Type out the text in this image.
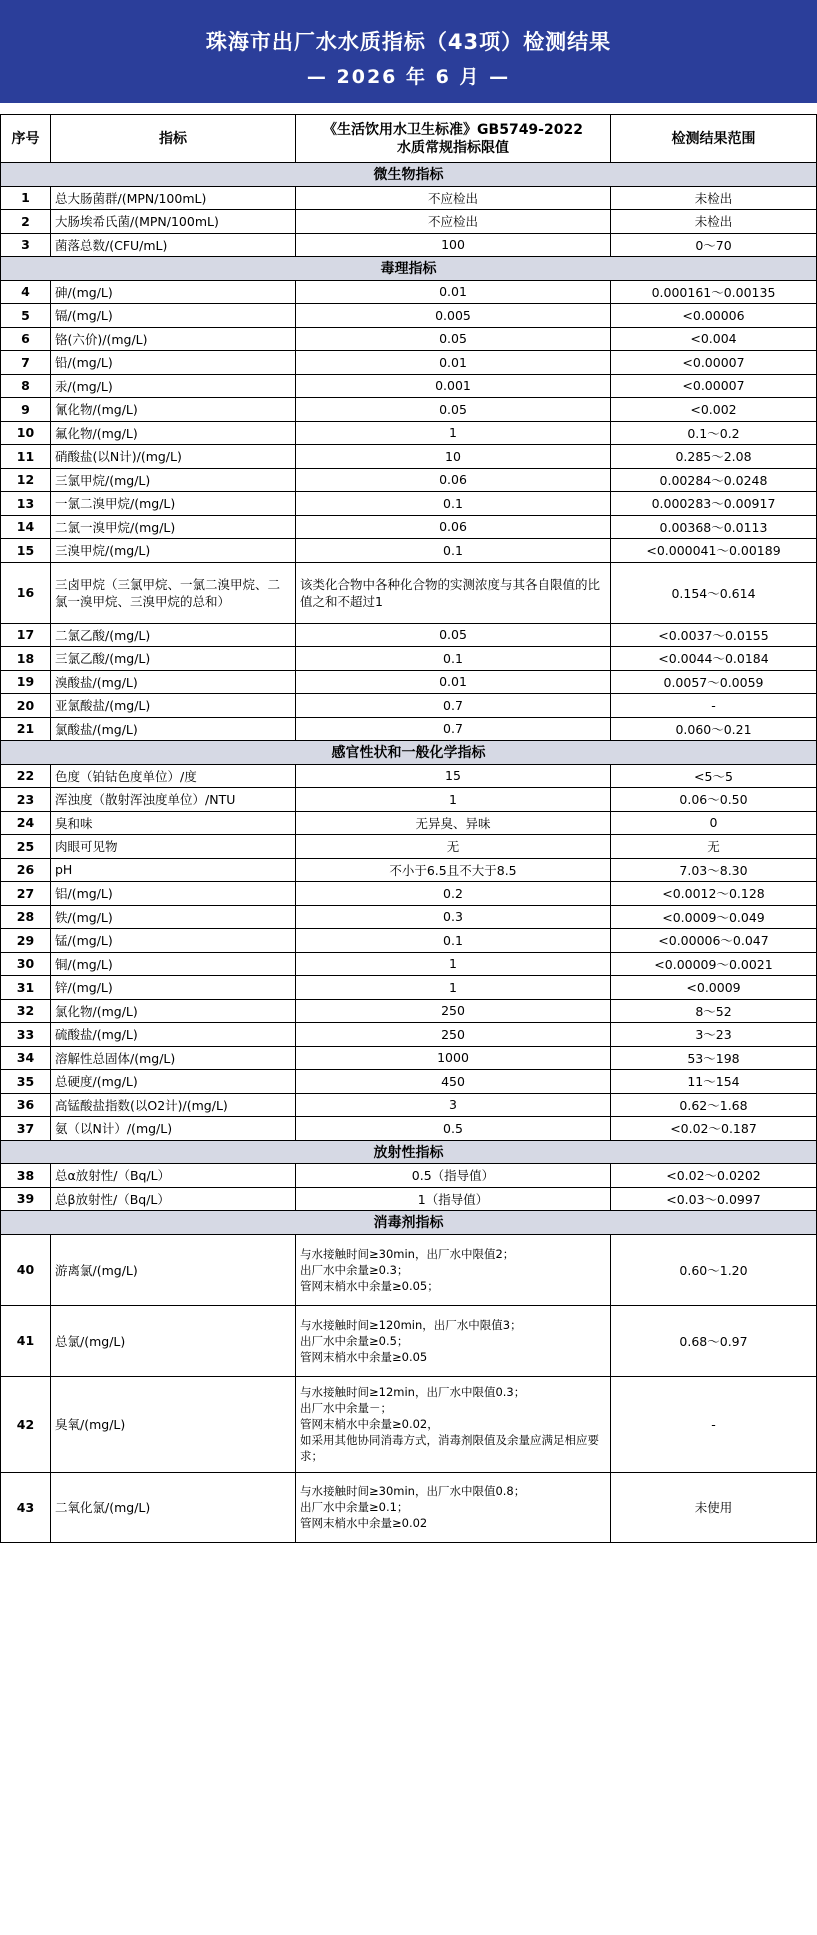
珠海市出厂水水质指标（43项）检测结果
— 2026 年 6 月 —
序号	指标	《生活饮用水卫生标准》GB5749-2022
水质常规指标限值	检测结果范围
微生物指标			
1	总大肠菌群/(MPN/100mL)	不应检出	未检出
2	大肠埃希氏菌/(MPN/100mL)	不应检出	未检出
3	菌落总数/(CFU/mL)	100	0～70
毒理指标			
4	砷/(mg/L)	0.01	0.000161～0.00135
5	镉/(mg/L)	0.005	<0.00006
6	铬(六价)/(mg/L)	0.05	<0.004
7	铅/(mg/L)	0.01	<0.00007
8	汞/(mg/L)	0.001	<0.00007
9	氰化物/(mg/L)	0.05	<0.002
10	氟化物/(mg/L)	1	0.1～0.2
11	硝酸盐(以N计)/(mg/L)	10	0.285～2.08
12	三氯甲烷/(mg/L)	0.06	0.00284～0.0248
13	一氯二溴甲烷/(mg/L)	0.1	0.000283～0.00917
14	二氯一溴甲烷/(mg/L)	0.06	0.00368～0.0113
15	三溴甲烷/(mg/L)	0.1	<0.000041～0.00189
16	三卤甲烷（三氯甲烷、一氯二溴甲烷、二氯一溴甲烷、三溴甲烷的总和）	该类化合物中各种化合物的实测浓度与其各自限值的比值之和不超过1	0.154～0.614
17	二氯乙酸/(mg/L)	0.05	<0.0037～0.0155
18	三氯乙酸/(mg/L)	0.1	<0.0044～0.0184
19	溴酸盐/(mg/L)	0.01	0.0057～0.0059
20	亚氯酸盐/(mg/L)	0.7	-
21	氯酸盐/(mg/L)	0.7	0.060～0.21
感官性状和一般化学指标			
22	色度（铂钴色度单位）/度	15	<5～5
23	浑浊度（散射浑浊度单位）/NTU	1	0.06～0.50
24	臭和味	无异臭、异味	0
25	肉眼可见物	无	无
26	pH	不小于6.5且不大于8.5	7.03～8.30
27	铝/(mg/L)	0.2	<0.0012～0.128
28	铁/(mg/L)	0.3	<0.0009～0.049
29	锰/(mg/L)	0.1	<0.00006～0.047
30	铜/(mg/L)	1	<0.00009～0.0021
31	锌/(mg/L)	1	<0.0009
32	氯化物/(mg/L)	250	8～52
33	硫酸盐/(mg/L)	250	3～23
34	溶解性总固体/(mg/L)	1000	53～198
35	总硬度/(mg/L)	450	11～154
36	高锰酸盐指数(以O2计)/(mg/L)	3	0.62～1.68
37	氨（以N计）/(mg/L)	0.5	<0.02～0.187
放射性指标			
38	总α放射性/（Bq/L）	0.5（指导值）	<0.02～0.0202
39	总β放射性/（Bq/L）	1（指导值）	<0.03～0.0997
消毒剂指标			
40	游离氯/(mg/L)	与水接触时间≥30min，出厂水中限值2；
出厂水中余量≥0.3；
管网末梢水中余量≥0.05；	0.60～1.20
41	总氯/(mg/L)	与水接触时间≥120min，出厂水中限值3；
出厂水中余量≥0.5；
管网末梢水中余量≥0.05	0.68～0.97
42	臭氧/(mg/L)	与水接触时间≥12min，出厂水中限值0.3；
出厂水中余量－；
管网末梢水中余量≥0.02，
如采用其他协同消毒方式，消毒剂限值及余量应满足相应要求；	-
43	二氧化氯/(mg/L)	与水接触时间≥30min，出厂水中限值0.8；
出厂水中余量≥0.1；
管网末梢水中余量≥0.02	未使用
